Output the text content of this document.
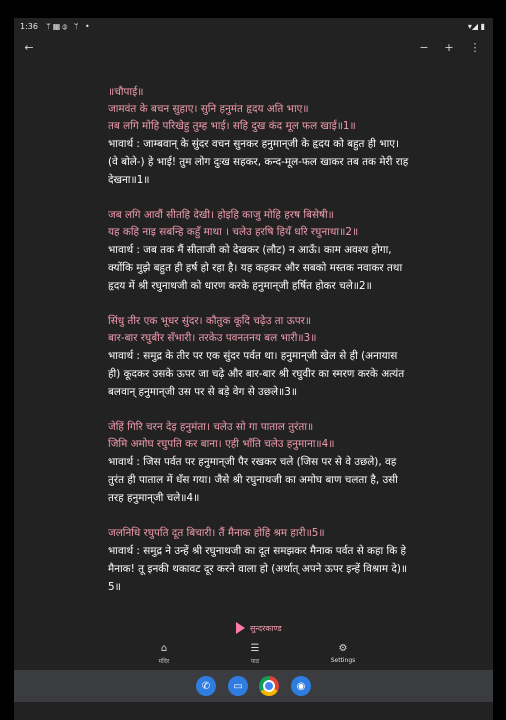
1:36 ᛘ▦Ⓢ ᛘ •	▾◢ ▮
←	−	+	⋮
॥चौपाई॥
जामवंत के बचन सुहाए। सुनि हनुमंत हृदय अति भाए॥
तब लगि मोहि परिखेहु तुम्ह भाई। सहि दुख कंद मूल फल खाई॥1॥
भावार्थ : जाम्बवान् के सुंदर वचन सुनकर हनुमान्‌जी के हृदय को बहुत ही भाए। (वे बोले-) हे भाई! तुम लोग दुःख सहकर, कन्द-मूल-फल खाकर तब तक मेरी राह देखना॥1॥
जब लगि आवौं सीतहि देखी। होइहि काजु मोहि हरष बिसेषी॥
यह कहि नाइ सबन्हि कहुँ माथा । चलेउ हरषि हियँ धरि रघुनाथा॥2॥
भावार्थ : जब तक मैं सीताजी को देखकर (लौट) न आऊँ। काम अवश्य होगा, क्योंकि मुझे बहुत ही हर्ष हो रहा है। यह कहकर और सबको मस्तक नवाकर तथा हृदय में श्री रघुनाथजी को धारण करके हनुमान्‌जी हर्षित होकर चले॥2॥
सिंधु तीर एक भूधर सुंदर। कौतुक कूदि चढ़ेउ ता ऊपर॥
बार-बार रघुबीर सँभारी। तरकेउ पवनतनय बल भारी॥3॥
भावार्थ : समुद्र के तीर पर एक सुंदर पर्वत था। हनुमान्‌जी खेल से ही (अनायास ही) कूदकर उसके ऊपर जा चढ़े और बार-बार श्री रघुवीर का स्मरण करके अत्यंत बलवान्‌ हनुमान्‌जी उस पर से बड़े वेग से उछले॥3॥
जेहिं गिरि चरन देइ हनुमंता। चलेउ सो गा पाताल तुरंता॥
जिमि अमोघ रघुपति कर बाना। एही भाँति चलेउ हनुमाना॥4॥
भावार्थ : जिस पर्वत पर हनुमान्‌जी पैर रखकर चले (जिस पर से वे उछले), वह तुरंत ही पाताल में धँस गया। जैसे श्री रघुनाथजी का अमोघ बाण चलता है, उसी तरह हनुमान्‌जी चले॥4॥
जलनिधि रघुपति दूत बिचारी। तैं मैनाक होहि श्रम हारी॥5॥
भावार्थ : समुद्र ने उन्हें श्री रघुनाथजी का दूत समझकर मैनाक पर्वत से कहा कि हे मैनाक! तू इनकी थकावट दूर करने वाला हो (अर्थात्‌ अपने ऊपर इन्हें विश्राम दे)॥5॥
सुन्दरकाण्ड
⌂
मंदिर
☰
पाठ
⚙
Settings
✆	▭	◉
